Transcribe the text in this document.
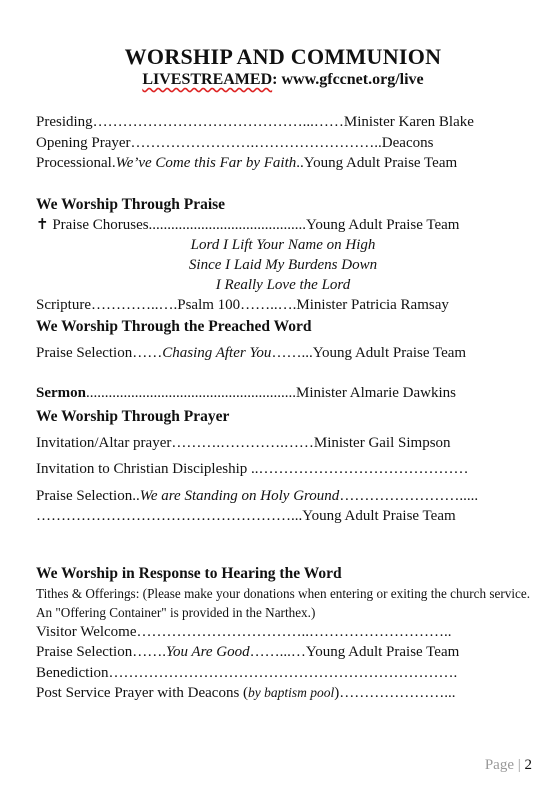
WORSHIP AND COMMUNION
LIVESTREAMED: www.gfccnet.org/live
Presiding……………………………………...……Minister Karen Blake
Opening Prayer…………………….……………………..Deacons
Processional.We’ve Come this Far by Faith..Young Adult Praise Team
We Worship Through Praise
✝ Praise Choruses..........................................Young Adult Praise Team
Lord I Lift Your Name on High
Since I Laid My Burdens Down
I Really Love the Lord
Scripture…………..….Psalm 100……..….Minister Patricia Ramsay
We Worship Through the Preached Word
Praise Selection……Chasing After You……...Young Adult Praise Team
Sermon........................................................Minister Almarie Dawkins
We Worship Through Prayer
Invitation/Altar prayer……….………….……Minister Gail Simpson
Invitation to Christian Discipleship ..……………………………………
Praise Selection..We are Standing on Holy Ground…………………….....
……………………………………………...Young Adult Praise Team
We Worship in Response to Hearing the Word
Tithes & Offerings: (Please make your donations when entering or exiting the church service. An "Offering Container" is provided in the Narthex.)
Visitor Welcome……………………………..………………………..
Praise Selection…….You Are Good……...…Young Adult Praise Team
Benediction…………………………………………………………….
Post Service Prayer with Deacons (by baptism pool)…………………...
Page | 2
